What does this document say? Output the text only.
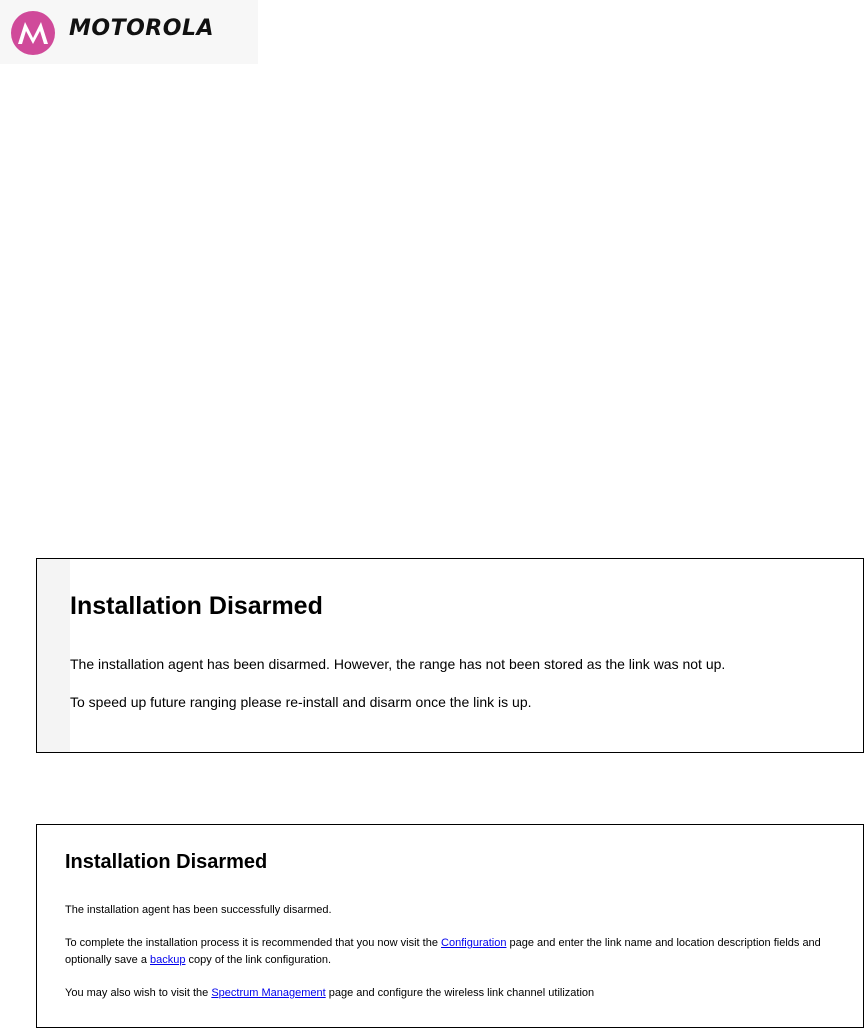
MOTOROLA
Installation Disarmed

The installation agent has been disarmed. However, the range has not been stored as the link was not up.

To speed up future ranging please re-install and disarm once the link is up.

Installation Disarmed

The installation agent has been successfully disarmed.

To complete the installation process it is recommended that you now visit the Configuration page and enter the link name and location description fields and optionally save a backup copy of the link configuration.

You may also wish to visit the Spectrum Management page and configure the wireless link channel utilization
